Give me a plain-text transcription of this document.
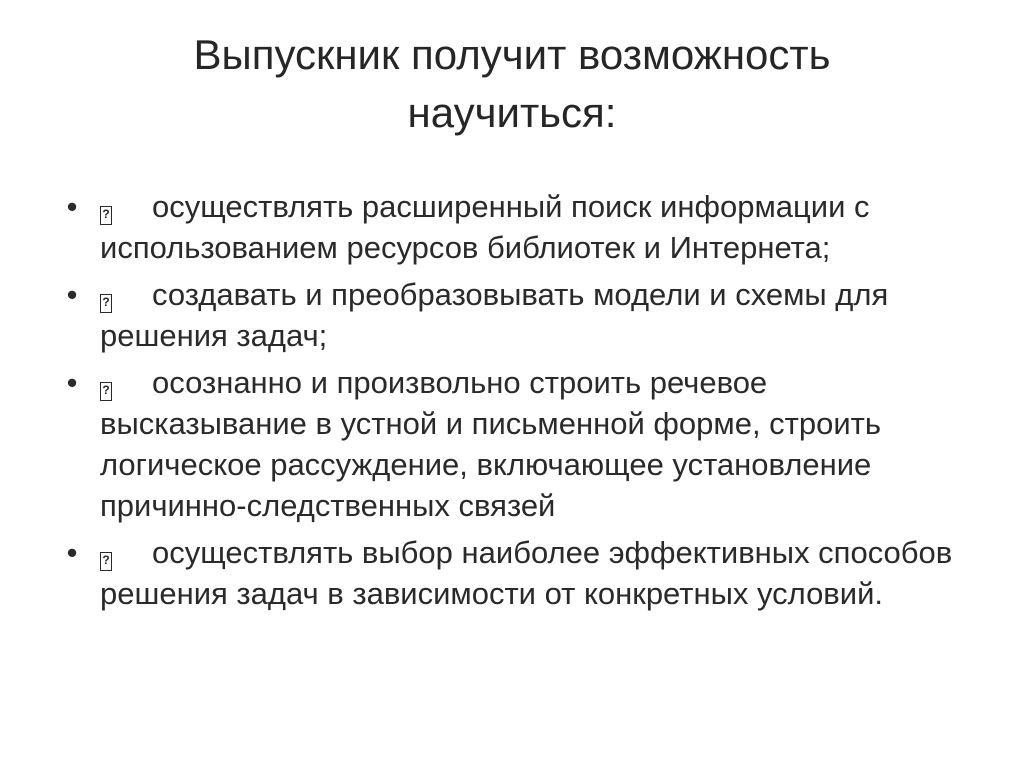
Выпускник получит возможность научиться:
•	? осуществлять расширенный поиск информации с использованием ресурсов библиотек и Интернета;
•	? создавать и преобразовывать модели и схемы для решения задач;
•	? осознанно и произвольно строить речевое высказывание в устной и письменной форме, строить логическое рассуждение, включающее установление причинно-следственных связей
•	? осуществлять выбор наиболее эффективных способов решения задач в зависимости от конкретных условий.
